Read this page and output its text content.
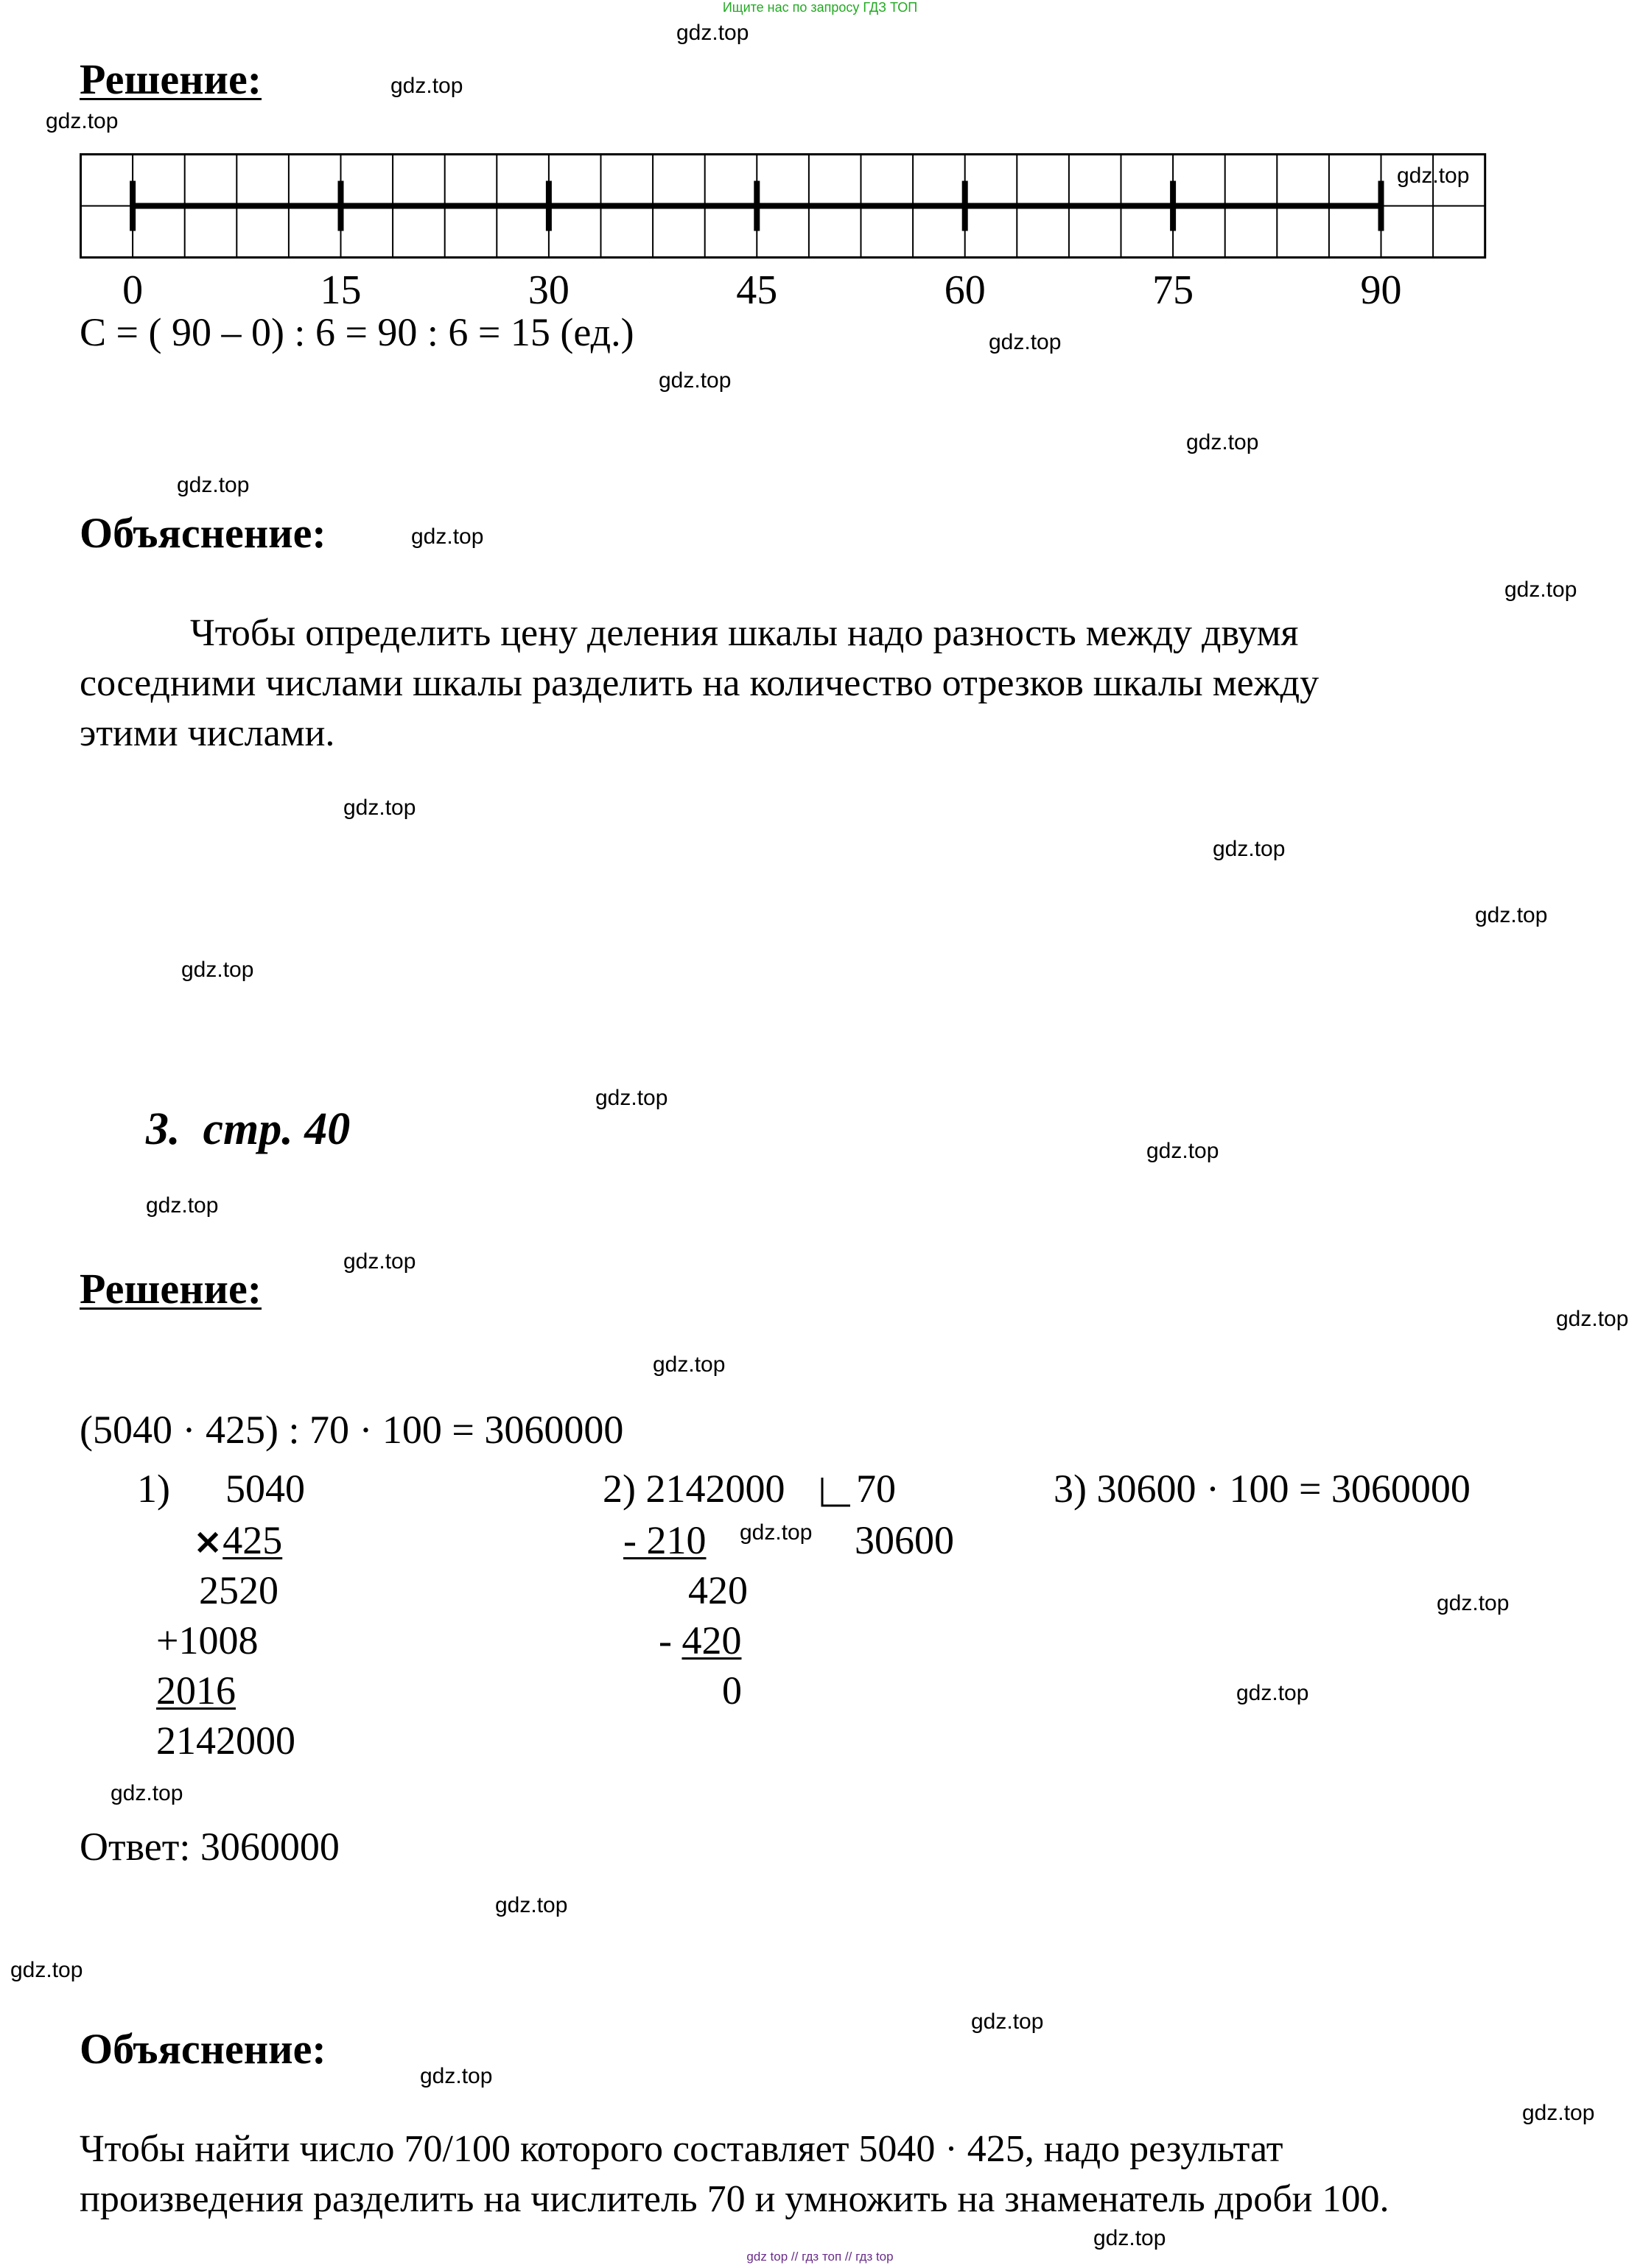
Ищите нас по запросу ГДЗ ТОП
gdz top // гдз топ // гдз top
gdz.top
gdz.top
gdz.top
gdz.top
gdz.top
gdz.top
gdz.top
gdz.top
gdz.top
gdz.top
gdz.top
gdz.top
gdz.top
gdz.top
gdz.top
gdz.top
gdz.top
gdz.top
gdz.top
gdz.top
gdz.top
gdz.top
gdz.top
gdz.top
gdz.top
gdz.top
gdz.top
gdz.top
gdz.top
gdz.top
Решение:
0	15	30	45	60	75	90
C = ( 90 – 0) : 6 = 90 : 6 = 15 (ед.)
Объяснение:
Чтобы определить цену деления шкалы надо разность между двумя
соседними числами шкалы разделить на количество отрезков шкалы между
этими числами.
3. стр. 40
Решение:
(5040 · 425) : 70 · 100 = 3060000
1) 5040
×425
2520
+1008
2016
2142000
2) 2142000 70
- 210	30600
420
- 420
0
3) 30600 · 100 = 3060000
Ответ: 3060000
Объяснение:
Чтобы найти число 70/100 которого составляет 5040 · 425, надо результат
произведения разделить на числитель 70 и умножить на знаменатель дроби 100.
